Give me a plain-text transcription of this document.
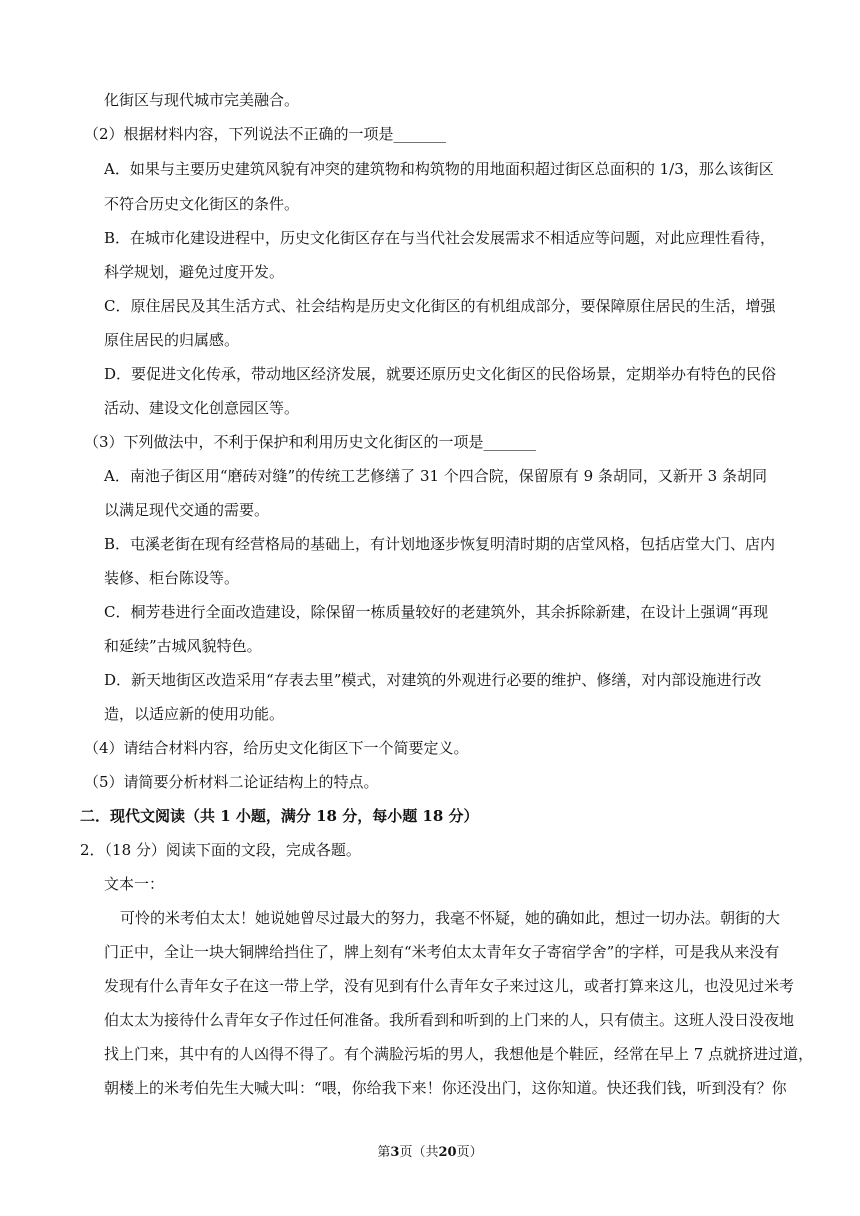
化街区与现代城市完美融合。
（2）根据材料内容，下列说法不正确的一项是_______
A．如果与主要历史建筑风貌有冲突的建筑物和构筑物的用地面积超过街区总面积的 1/3，那么该街区
不符合历史文化街区的条件。
B．在城市化建设进程中，历史文化街区存在与当代社会发展需求不相适应等问题，对此应理性看待，
科学规划，避免过度开发。
C．原住居民及其生活方式、社会结构是历史文化街区的有机组成部分，要保障原住居民的生活，增强
原住居民的归属感。
D．要促进文化传承，带动地区经济发展，就要还原历史文化街区的民俗场景，定期举办有特色的民俗
活动、建设文化创意园区等。
（3）下列做法中，不利于保护和利用历史文化街区的一项是_______
A．南池子街区用“磨砖对缝”的传统工艺修缮了 31 个四合院，保留原有 9 条胡同，又新开 3 条胡同
以满足现代交通的需要。
B．屯溪老街在现有经营格局的基础上，有计划地逐步恢复明清时期的店堂风格，包括店堂大门、店内
装修、柜台陈设等。
C．桐芳巷进行全面改造建设，除保留一栋质量较好的老建筑外，其余拆除新建，在设计上强调“再现
和延续”古城风貌特色。
D．新天地街区改造采用“存表去里”模式，对建筑的外观进行必要的维护、修缮，对内部设施进行改
造，以适应新的使用功能。
（4）请结合材料内容，给历史文化街区下一个简要定义。
（5）请简要分析材料二论证结构上的特点。
二．现代文阅读（共 1 小题，满分 18 分，每小题 18 分）
2．（18 分）阅读下面的文段，完成各题。
文本一：
可怜的米考伯太太！她说她曾尽过最大的努力，我毫不怀疑，她的确如此，想过一切办法。朝街的大
门正中，全让一块大铜牌给挡住了，牌上刻有“米考伯太太青年女子寄宿学舍”的字样，可是我从来没有
发现有什么青年女子在这一带上学，没有见到有什么青年女子来过这儿，或者打算来这儿，也没见过米考
伯太太为接待什么青年女子作过任何准备。我所看到和听到的上门来的人，只有债主。这班人没日没夜地
找上门来，其中有的人凶得不得了。有个满脸污垢的男人，我想他是个鞋匠，经常在早上 7 点就挤进过道，
朝楼上的米考伯先生大喊大叫：“喂，你给我下来！你还没出门，这你知道。快还我们钱，听到没有？你
第3页（共20页）
